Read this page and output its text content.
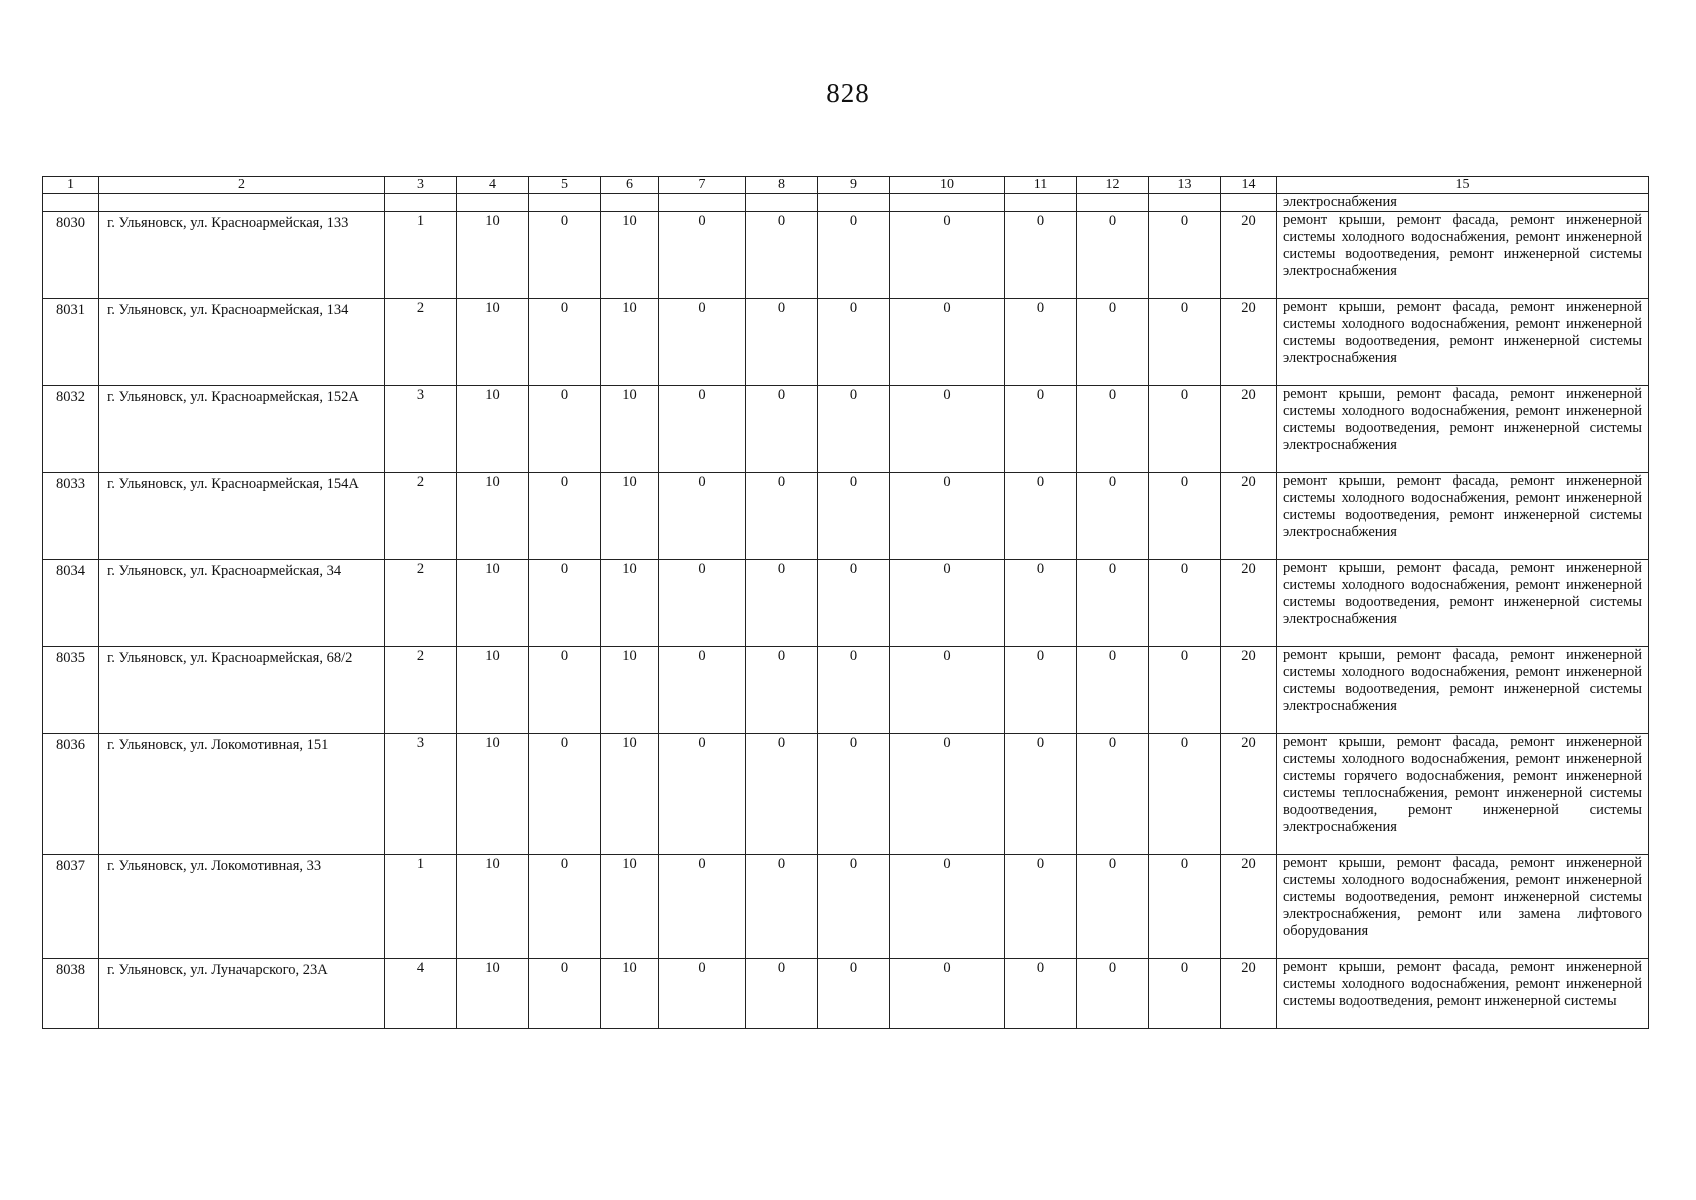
828
1	2	3	4	5	6	7	8	9	10	11	12	13	14	15
														электроснабжения
8030	г. Ульяновск, ул. Красноармейская, 133	1	10	0	10	0	0	0	0	0	0	0	20	ремонт крыши, ремонт фасада, ремонт инженерной системы холодного водоснабжения, ремонт инженерной системы водоотведения, ремонт инженерной системы электроснабжения
8031	г. Ульяновск, ул. Красноармейская, 134	2	10	0	10	0	0	0	0	0	0	0	20	ремонт крыши, ремонт фасада, ремонт инженерной системы холодного водоснабжения, ремонт инженерной системы водоотведения, ремонт инженерной системы электроснабжения
8032	г. Ульяновск, ул. Красноармейская, 152А	3	10	0	10	0	0	0	0	0	0	0	20	ремонт крыши, ремонт фасада, ремонт инженерной системы холодного водоснабжения, ремонт инженерной системы водоотведения, ремонт инженерной системы электроснабжения
8033	г. Ульяновск, ул. Красноармейская, 154А	2	10	0	10	0	0	0	0	0	0	0	20	ремонт крыши, ремонт фасада, ремонт инженерной системы холодного водоснабжения, ремонт инженерной системы водоотведения, ремонт инженерной системы электроснабжения
8034	г. Ульяновск, ул. Красноармейская, 34	2	10	0	10	0	0	0	0	0	0	0	20	ремонт крыши, ремонт фасада, ремонт инженерной системы холодного водоснабжения, ремонт инженерной системы водоотведения, ремонт инженерной системы электроснабжения
8035	г. Ульяновск, ул. Красноармейская, 68/2	2	10	0	10	0	0	0	0	0	0	0	20	ремонт крыши, ремонт фасада, ремонт инженерной системы холодного водоснабжения, ремонт инженерной системы водоотведения, ремонт инженерной системы электроснабжения
8036	г. Ульяновск, ул. Локомотивная, 151	3	10	0	10	0	0	0	0	0	0	0	20	ремонт крыши, ремонт фасада, ремонт инженерной системы холодного водоснабжения, ремонт инженерной системы горячего водоснабжения, ремонт инженерной системы теплоснабжения, ремонт инженерной системы водоотведения, ремонт инженерной системы электроснабжения
8037	г. Ульяновск, ул. Локомотивная, 33	1	10	0	10	0	0	0	0	0	0	0	20	ремонт крыши, ремонт фасада, ремонт инженерной системы холодного водоснабжения, ремонт инженерной системы водоотведения, ремонт инженерной системы электроснабжения, ремонт или замена лифтового оборудования
8038	г. Ульяновск, ул. Луначарского, 23А	4	10	0	10	0	0	0	0	0	0	0	20	ремонт крыши, ремонт фасада, ремонт инженерной системы холодного водоснабжения, ремонт инженерной системы водоотведения, ремонт инженерной системы
